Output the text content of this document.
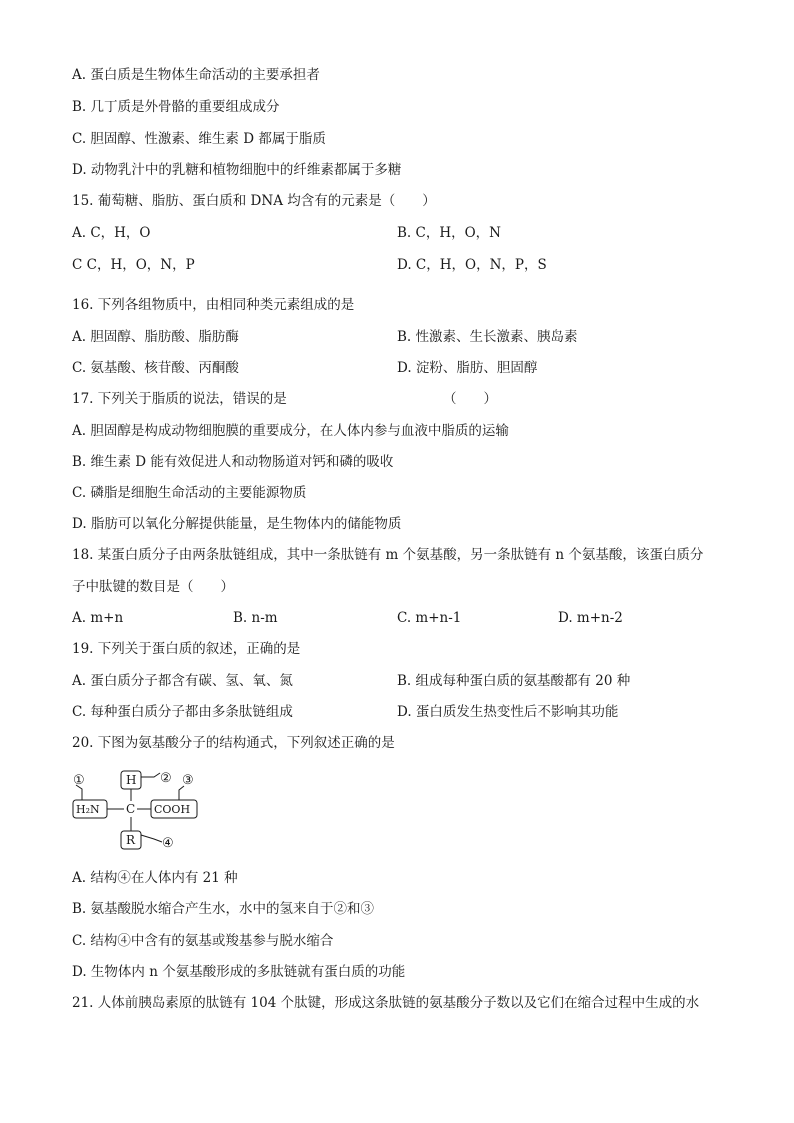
A. 蛋白质是生物体生命活动的主要承担者
B. 几丁质是外骨骼的重要组成成分
C. 胆固醇、性激素、维生素 D 都属于脂质
D. 动物乳汁中的乳糖和植物细胞中的纤维素都属于多糖
15. 葡萄糖、脂肪、蛋白质和 DNA 均含有的元素是（　　）
A. C，H，O	B. C，H，O，N
C C，H，O，N，P	D. C，H，O，N，P，S
16. 下列各组物质中，由相同种类元素组成的是
A. 胆固醇、脂肪酸、脂肪酶	B. 性激素、生长激素、胰岛素
C. 氨基酸、核苷酸、丙酮酸	D. 淀粉、脂肪、胆固醇
17. 下列关于脂质的说法，错误的是	（　　）
A. 胆固醇是构成动物细胞膜的重要成分，在人体内参与血液中脂质的运输
B. 维生素 D 能有效促进人和动物肠道对钙和磷的吸收
C. 磷脂是细胞生命活动的主要能源物质
D. 脂肪可以氧化分解提供能量，是生物体内的储能物质
18. 某蛋白质分子由两条肽链组成，其中一条肽链有 m 个氨基酸，另一条肽链有 n 个氨基酸，该蛋白质分
子中肽键的数目是（　　）
A. m+n	B. n-m	C. m+n-1	D. m+n-2
19. 下列关于蛋白质的叙述，正确的是
A. 蛋白质分子都含有碳、氢、氧、氮	B. 组成每种蛋白质的氨基酸都有 20 种
C. 每种蛋白质分子都由多条肽链组成	D. 蛋白质发生热变性后不影响其功能
20. 下图为氨基酸分子的结构通式，下列叙述正确的是
H₂N C
H
COOH
R
①	② ③
④
A. 结构④在人体内有 21 种
B. 氨基酸脱水缩合产生水，水中的氢来自于②和③
C. 结构④中含有的氨基或羧基参与脱水缩合
D. 生物体内 n 个氨基酸形成的多肽链就有蛋白质的功能
21. 人体前胰岛素原的肽链有 104 个肽键，形成这条肽链的氨基酸分子数以及它们在缩合过程中生成的水
